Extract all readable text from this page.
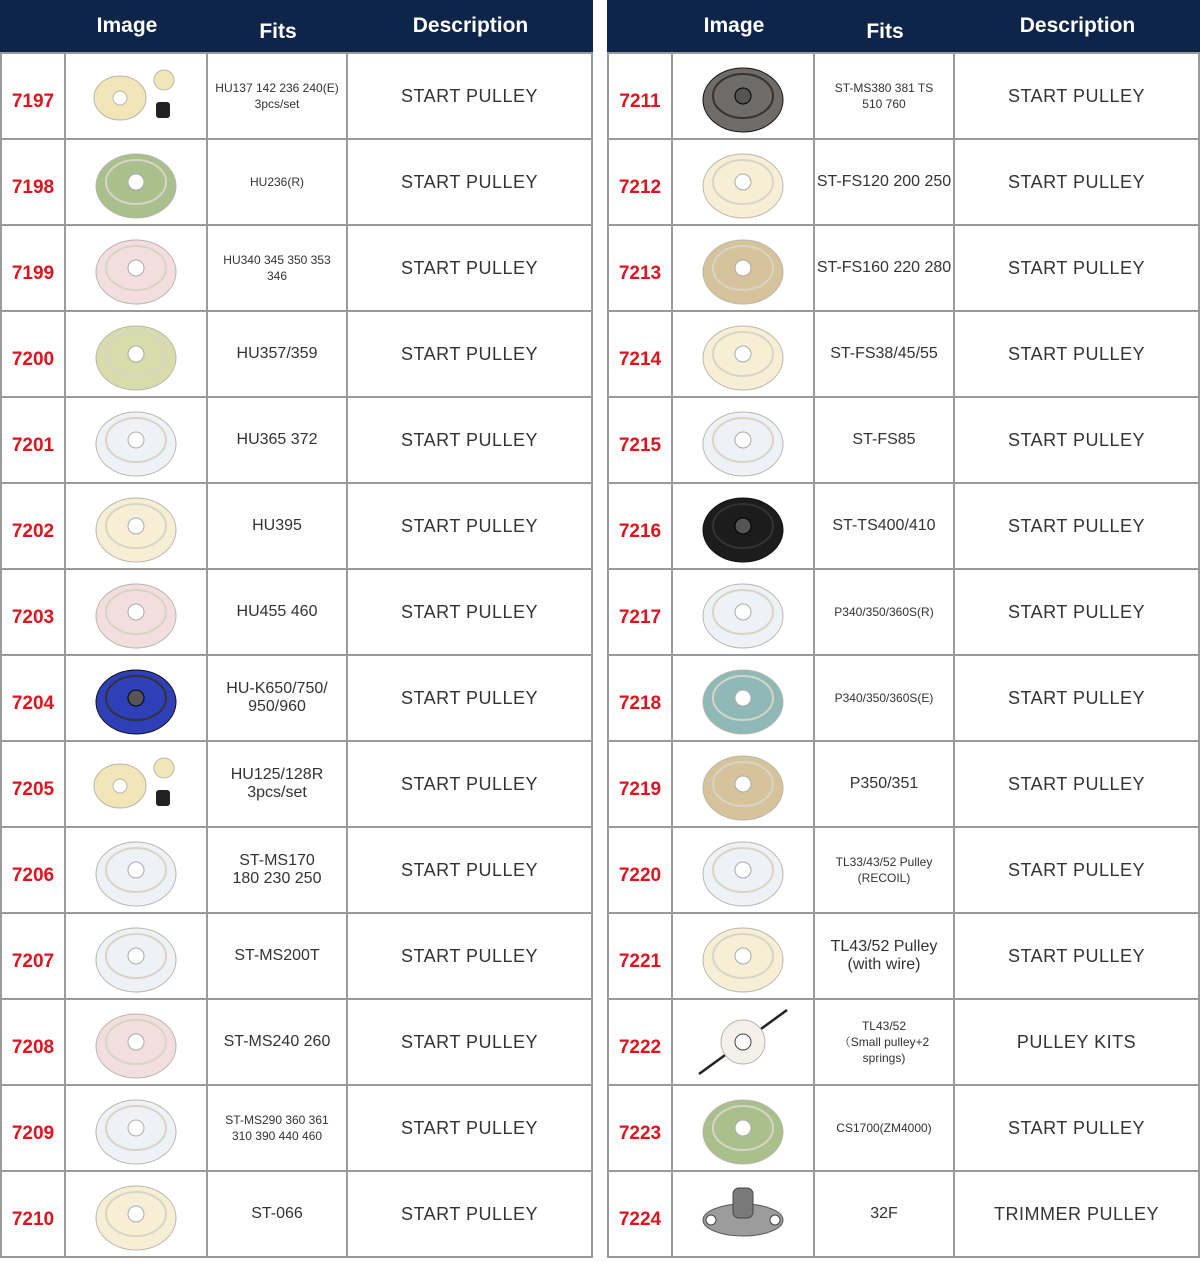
Image	Fits	Description
7197		HU137 142 236 240(E)
3pcs/set	START PULLEY
7198		HU236(R)	START PULLEY
7199		HU340 345 350 353
346	START PULLEY
7200		HU357/359	START PULLEY
7201		HU365 372	START PULLEY
7202		HU395	START PULLEY
7203		HU455 460	START PULLEY
7204		HU-K650/750/
950/960	START PULLEY
7205		HU125/128R
3pcs/set	START PULLEY
7206		ST-MS170
180 230 250	START PULLEY
7207		ST-MS200T	START PULLEY
7208		ST-MS240 260	START PULLEY
7209		ST-MS290 360 361
310 390 440 460	START PULLEY
7210		ST-066	START PULLEY
Image	Fits	Description
7211		ST-MS380 381 TS
510 760	START PULLEY
7212		ST-FS120 200 250	START PULLEY
7213		ST-FS160 220 280	START PULLEY
7214		ST-FS38/45/55	START PULLEY
7215		ST-FS85	START PULLEY
7216		ST-TS400/410	START PULLEY
7217		P340/350/360S(R)	START PULLEY
7218		P340/350/360S(E)	START PULLEY
7219		P350/351	START PULLEY
7220		TL33/43/52 Pulley
(RECOIL)	START PULLEY
7221		TL43/52 Pulley
(with wire)	START PULLEY
7222		TL43/52
（Small pulley+2
springs)	PULLEY KITS
7223		CS1700(ZM4000)	START PULLEY
7224		32F	TRIMMER PULLEY
